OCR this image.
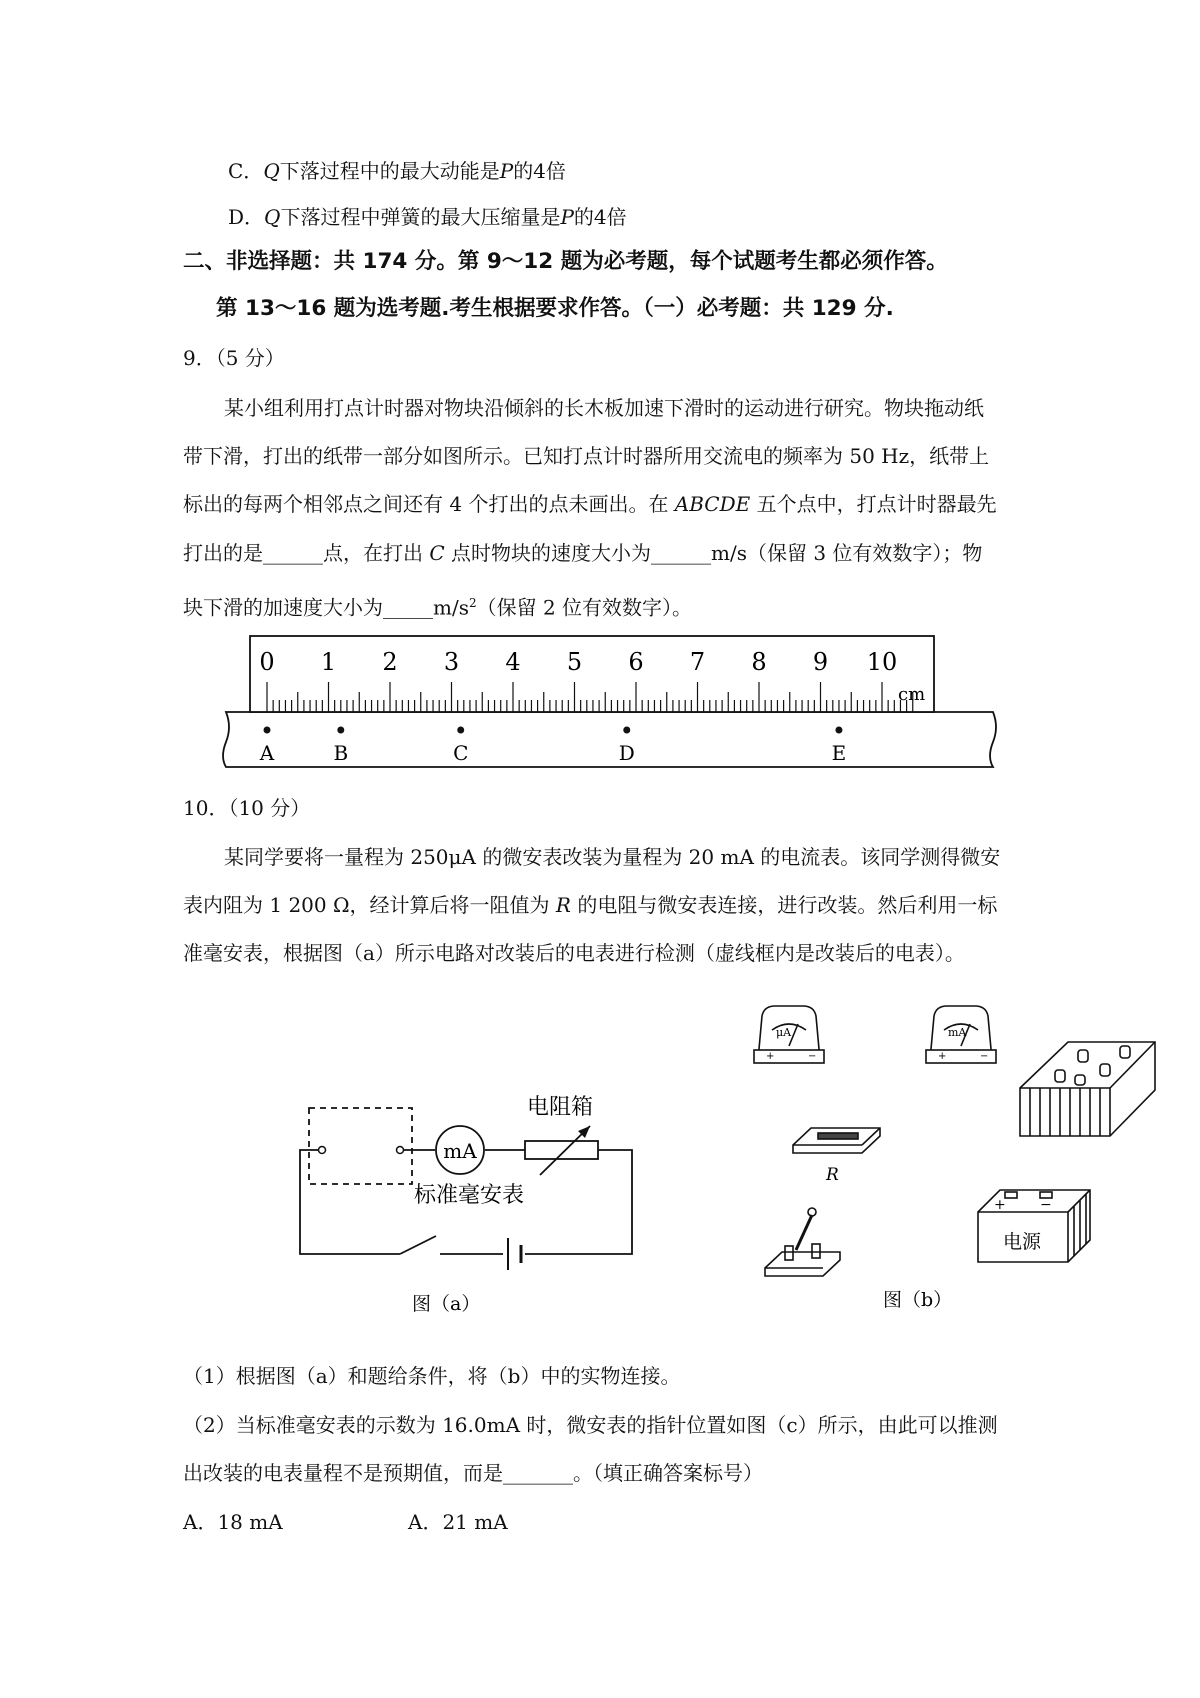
C．Q下落过程中的最大动能是P的4倍
D．Q下落过程中弹簧的最大压缩量是P的4倍
二、非选择题：共 174 分。第 9～12 题为必考题，每个试题考生都必须作答。
第 13～16 题为选考题.考生根据要求作答。（一）必考题：共 129 分.
9．（5 分）
某小组利用打点计时器对物块沿倾斜的长木板加速下滑时的运动进行研究。物块拖动纸
带下滑，打出的纸带一部分如图所示。已知打点计时器所用交流电的频率为 50 Hz，纸带上
标出的每两个相邻点之间还有 4 个打出的点未画出。在 ABCDE 五个点中，打点计时器最先
打出的是______点，在打出 C 点时物块的速度大小为______m/s（保留 3 位有效数字）；物
块下滑的加速度大小为$\_\_\_\_\_m/s^2$（保留 2 位有效数字）。
0 1 2 3 4 5 6 7 8 9 10
cm
A	B	C	D	E
10．（10 分）
某同学要将一量程为 250μA 的微安表改装为量程为 20 mA 的电流表。该同学测得微安
表内阻为 1 200 Ω，经计算后将一阻值为 R 的电阻与微安表连接，进行改装。然后利用一标
准毫安表，根据图（a）所示电路对改装后的电表进行检测（虚线框内是改装后的电表）。
mA
电阻箱
标准毫安表
图（a）
μA	mA
+	−	+	−
R
+ −
电源
图（b）
（1）根据图（a）和题给条件，将（b）中的实物连接。
（2）当标准毫安表的示数为 16.0mA 时，微安表的指针位置如图（c）所示，由此可以推测
出改装的电表量程不是预期值，而是_______。（填正确答案标号）
A．18 mA	A．21 mA
